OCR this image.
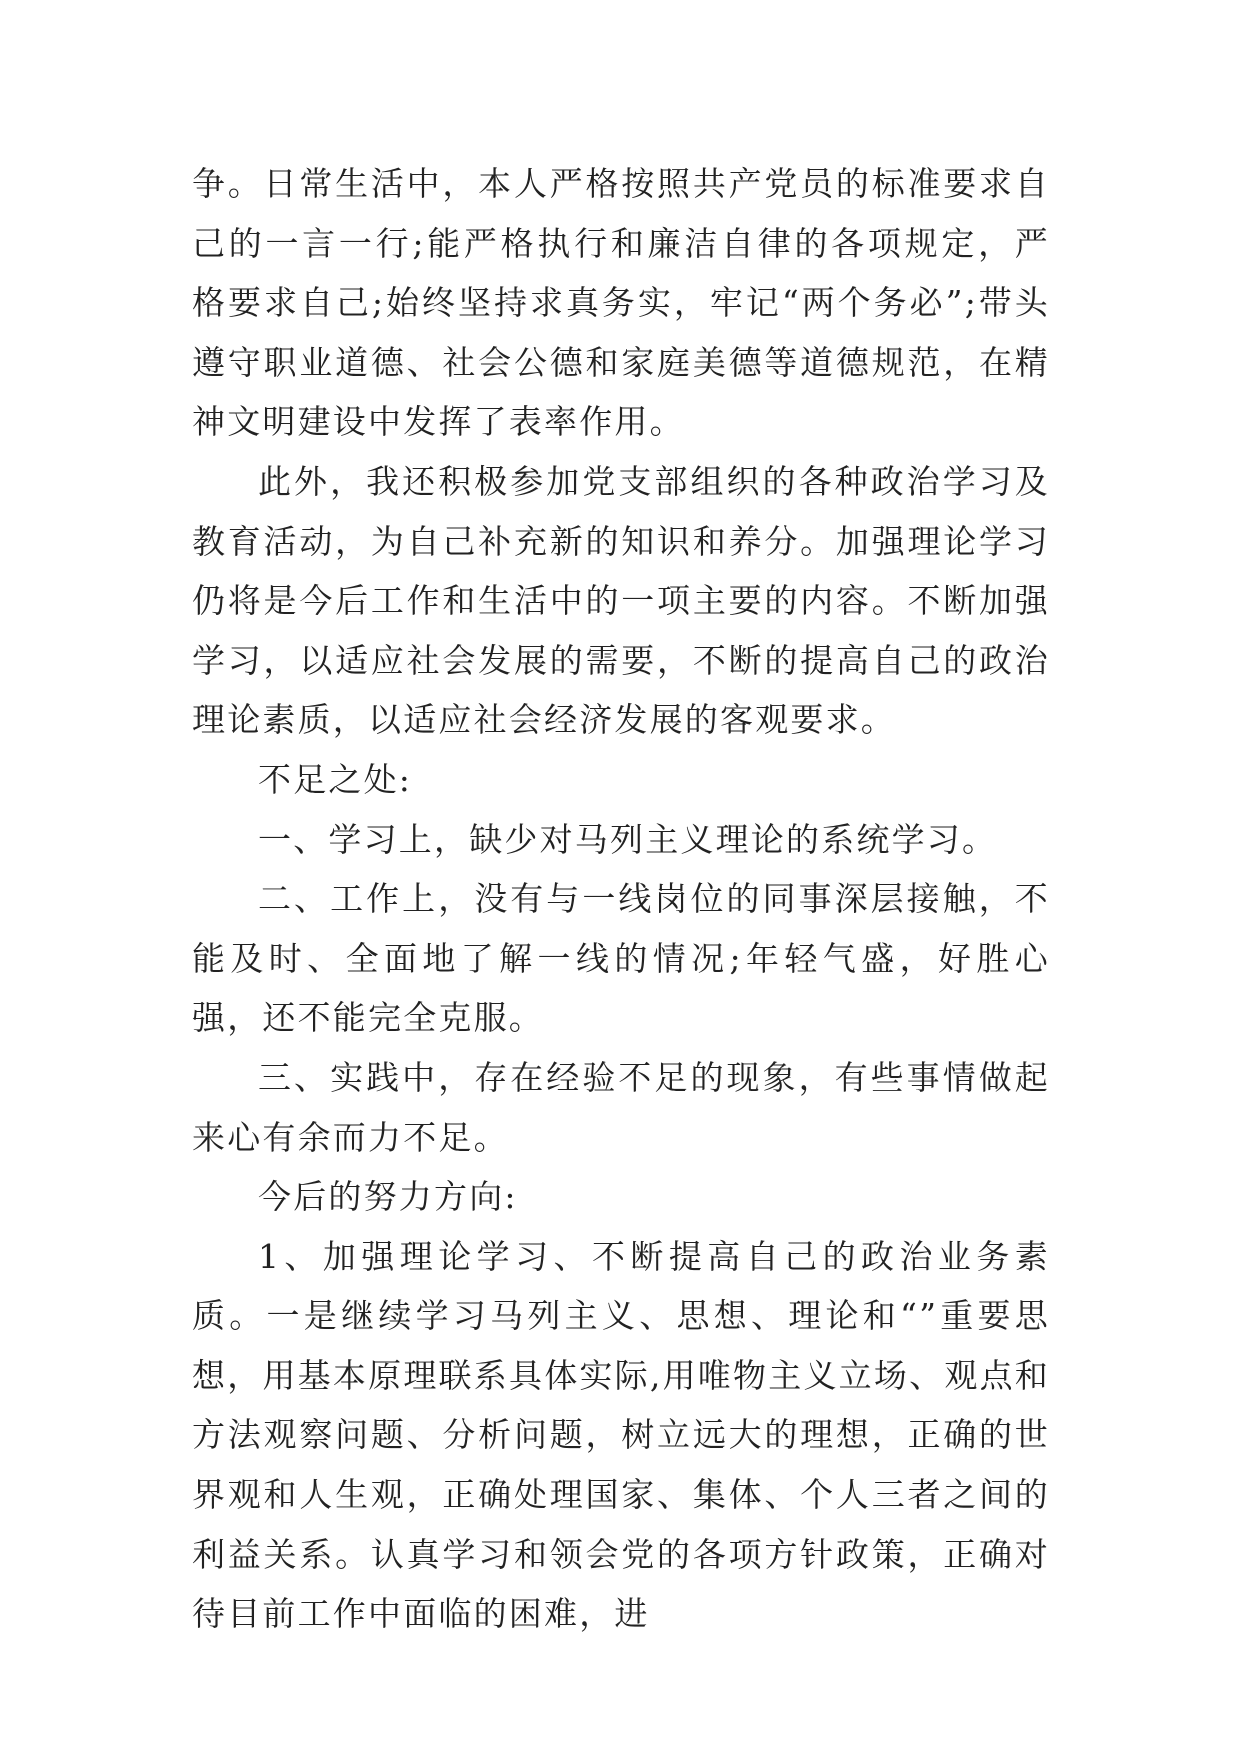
争。日常生活中，本人严格按照共产党员的标准要求自己的一言一行;能严格执行和廉洁自律的各项规定，严格要求自己;始终坚持求真务实，牢记“两个务必”;带头遵守职业道德、社会公德和家庭美德等道德规范，在精神文明建设中发挥了表率作用。

此外，我还积极参加党支部组织的各种政治学习及教育活动，为自己补充新的知识和养分。加强理论学习仍将是今后工作和生活中的一项主要的内容。不断加强学习，以适应社会发展的需要，不断的提高自己的政治理论素质，以适应社会经济发展的客观要求。

不足之处:

一、学习上，缺少对马列主义理论的系统学习。

二、工作上，没有与一线岗位的同事深层接触，不能及时、全面地了解一线的情况;年轻气盛，好胜心强，还不能完全克服。

三、实践中，存在经验不足的现象，有些事情做起来心有余而力不足。

今后的努力方向:

1、加强理论学习、不断提高自己的政治业务素质。一是继续学习马列主义、思想、理论和“”重要思想，用基本原理联系具体实际,用唯物主义立场、观点和方法观察问题、分析问题，树立远大的理想，正确的世界观和人生观，正确处理国家、集体、个人三者之间的利益关系。认真学习和领会党的各项方针政策，正确对待目前工作中面临的困难，进
